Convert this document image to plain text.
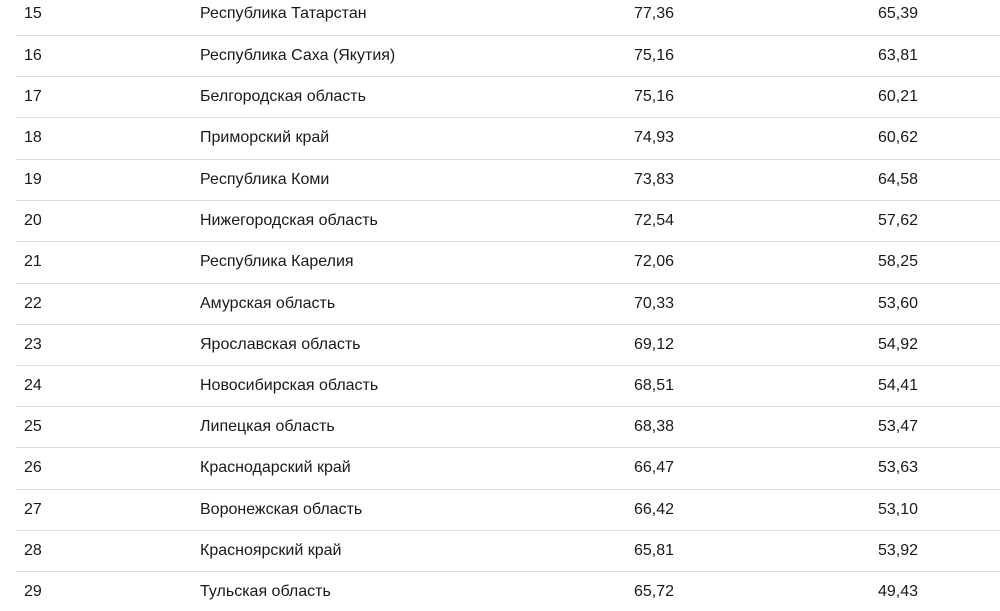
15	Республика Татарстан	77,36	65,39
16	Республика Саха (Якутия)	75,16	63,81
17	Белгородская область	75,16	60,21
18	Приморский край	74,93	60,62
19	Республика Коми	73,83	64,58
20	Нижегородская область	72,54	57,62
21	Республика Карелия	72,06	58,25
22	Амурская область	70,33	53,60
23	Ярославская область	69,12	54,92
24	Новосибирская область	68,51	54,41
25	Липецкая область	68,38	53,47
26	Краснодарский край	66,47	53,63
27	Воронежская область	66,42	53,10
28	Красноярский край	65,81	53,92
29	Тульская область	65,72	49,43
